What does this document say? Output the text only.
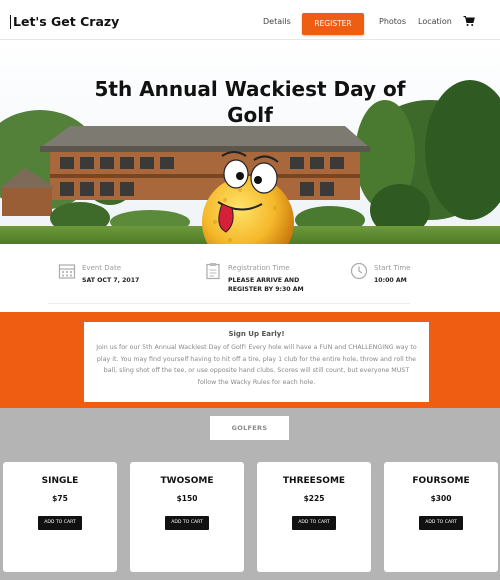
Let's Get Crazy	Details	REGISTER	Photos Location
5th Annual Wackiest Day of Golf
Event Date
SAT OCT 7, 2017
Registration Time
PLEASE ARRIVE AND
REGISTER BY 9:30 AM
Start Time
10:00 AM
Sign Up Early!
Join us for our 5th Annual Wackiest Day of Golf! Every hole will have a FUN and CHALLENGING way to play it. You may find yourself having to hit off a tire, play 1 club for the entire hole, throw and roll the ball, sling shot off the tee, or use opposite hand clubs. Scores will still count, but everyone MUST follow the Wacky Rules for each hole.
GOLFERS
SINGLE
$75
ADD TO CART
TWOSOME
$150
ADD TO CART
THREESOME
$225
ADD TO CART
FOURSOME
$300
ADD TO CART
